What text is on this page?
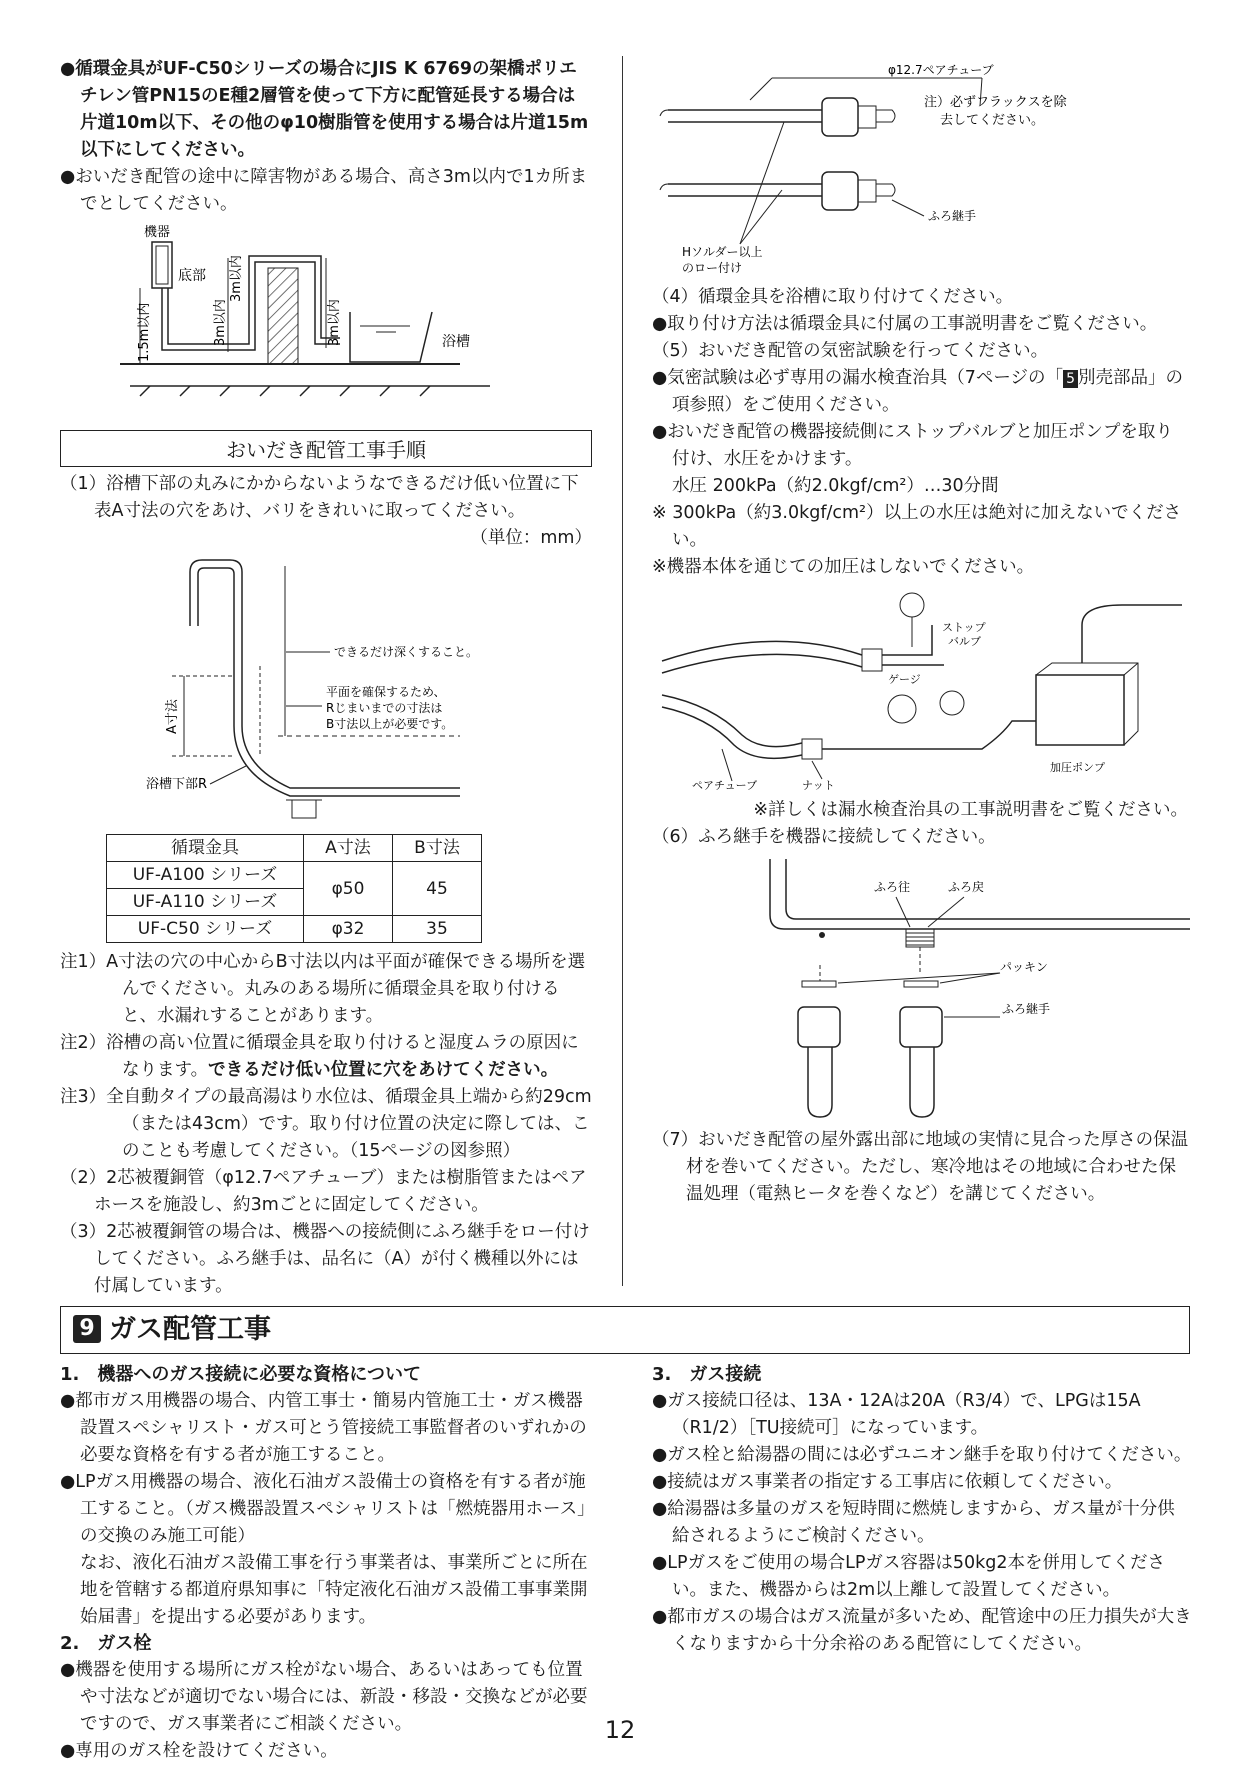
●循環金具がUF-C50シリーズの場合にJIS K 6769の架橋ポリエチレン管PN15のE種2層管を使って下方に配管延長する場合は片道10m以下、その他のφ10樹脂管を使用する場合は片道15m以下にしてください。

●おいだき配管の途中に障害物がある場合、高さ3m以内で1カ所までとしてください。

機器
底部
1.5m以内	3m以内
3m以内
3m以内	浴槽
おいだき配管工事手順

（1）浴槽下部の丸みにかからないようなできるだけ低い位置に下表A寸法の穴をあけ、バリをきれいに取ってください。

（単位：mm）

A寸法
できるだけ深くすること。
平面を確保するため、
Rじまいまでの寸法は
B寸法以上が必要です。
浴槽下部R
循環金具	A寸法	B寸法
UF-A100 シリーズ	φ50	45
UF-A110 シリーズ		
UF-C50 シリーズ	φ32	35

注1）A寸法の穴の中心からB寸法以内は平面が確保できる場所を選んでください。丸みのある場所に循環金具を取り付けると、水漏れすることがあります。

注2）浴槽の高い位置に循環金具を取り付けると湿度ムラの原因になります。できるだけ低い位置に穴をあけてください。

注3）全自動タイプの最高湯はり水位は、循環金具上端から約29cm（または43cm）です。取り付け位置の決定に際しては、このことも考慮してください。（15ページの図参照）

（2）2芯被覆銅管（φ12.7ペアチューブ）または樹脂管またはペアホースを施設し、約3mごとに固定してください。

（3）2芯被覆銅管の場合は、機器への接続側にふろ継手をロー付けしてください。ふろ継手は、品名に（A）が付く機種以外には付属しています。

φ12.7ペアチューブ
注）必ずフラックスを除
去してください。
ふろ継手
Hソルダー以上
のロー付け

（4）循環金具を浴槽に取り付けてください。

●取り付け方法は循環金具に付属の工事説明書をご覧ください。

（5）おいだき配管の気密試験を行ってください。

●気密試験は必ず専用の漏水検査治具（7ページの「 5 別売部品」の項参照）をご使用ください。

●おいだき配管の機器接続側にストップバルブと加圧ポンプを取り付け、水圧をかけます。

水圧 200kPa（約2.0kgf/cm²）…30分間

※ 300kPa（約3.0kgf/cm²）以上の水圧は絶対に加えないでください。

※機器本体を通じての加圧はしないでください。

ストップ
バルブ
ゲージ
加圧ポンプ
ペアチューブ	ナット

※詳しくは漏水検査治具の工事説明書をご覧ください。

（6）ふろ継手を機器に接続してください。

ふろ往	ふろ戻
パッキン
ふろ継手

（7）おいだき配管の屋外露出部に地域の実情に見合った厚さの保温材を巻いてください。ただし、寒冷地はその地域に合わせた保温処理（電熱ヒータを巻くなど）を講じてください。

9 ガス配管工事

1.　機器へのガス接続に必要な資格について

●都市ガス用機器の場合、内管工事士・簡易内管施工士・ガス機器設置スペシャリスト・ガス可とう管接続工事監督者のいずれかの必要な資格を有する者が施工すること。

●LPガス用機器の場合、液化石油ガス設備士の資格を有する者が施工すること。（ガス機器設置スペシャリストは「燃焼器用ホース」の交換のみ施工可能）

なお、液化石油ガス設備工事を行う事業者は、事業所ごとに所在地を管轄する都道府県知事に「特定液化石油ガス設備工事事業開始届書」を提出する必要があります。

2.　ガス栓

●機器を使用する場所にガス栓がない場合、あるいはあっても位置や寸法などが適切でない場合には、新設・移設・交換などが必要ですので、ガス事業者にご相談ください。

●専用のガス栓を設けてください。

3.　ガス接続

●ガス接続口径は、13A・12Aは20A（R3/4）で、LPGは15A（R1/2）［TU接続可］になっています。

●ガス栓と給湯器の間には必ずユニオン継手を取り付けてください。

●接続はガス事業者の指定する工事店に依頼してください。

●給湯器は多量のガスを短時間に燃焼しますから、ガス量が十分供給されるようにご検討ください。

●LPガスをご使用の場合LPガス容器は50kg2本を併用してください。また、機器からは2m以上離して設置してください。

●都市ガスの場合はガス流量が多いため、配管途中の圧力損失が大きくなりますから十分余裕のある配管にしてください。

12
